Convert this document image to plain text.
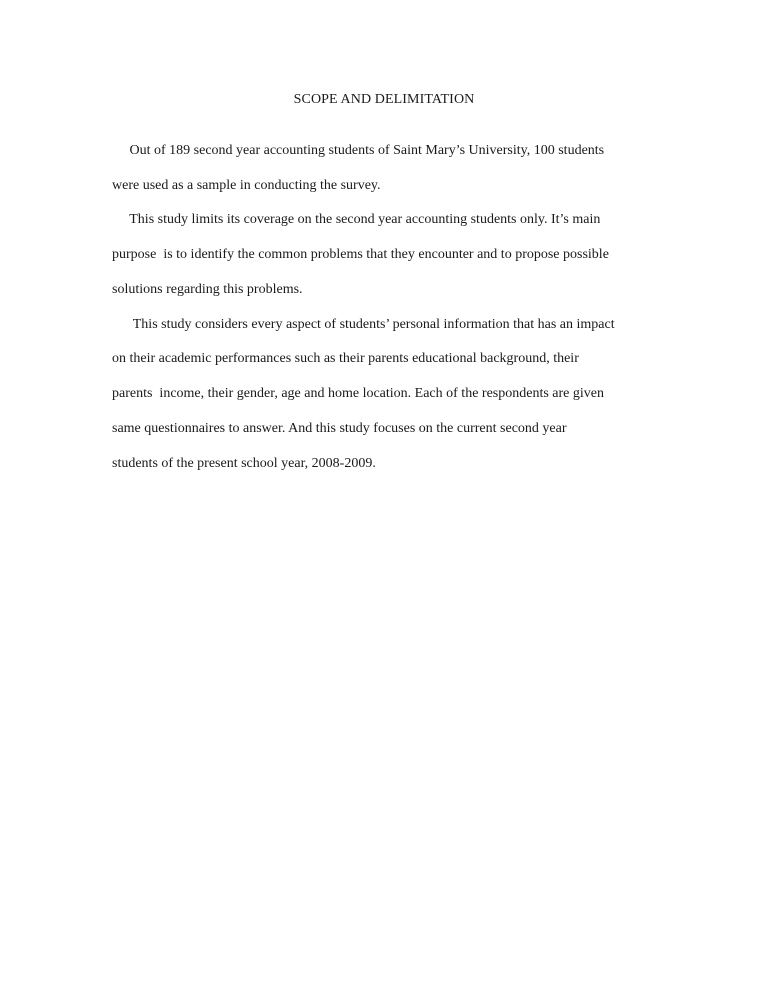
SCOPE AND DELIMITATION
Out of 189 second year accounting students of Saint Mary’s University, 100 students
were used as a sample in conducting the survey.
This study limits its coverage on the second year accounting students only. It’s main
purpose  is to identify the common problems that they encounter and to propose possible
solutions regarding this problems.
This study considers every aspect of students’ personal information that has an impact
on their academic performances such as their parents educational background, their
parents  income, their gender, age and home location. Each of the respondents are given
same questionnaires to answer. And this study focuses on the current second year
students of the present school year, 2008-2009.
